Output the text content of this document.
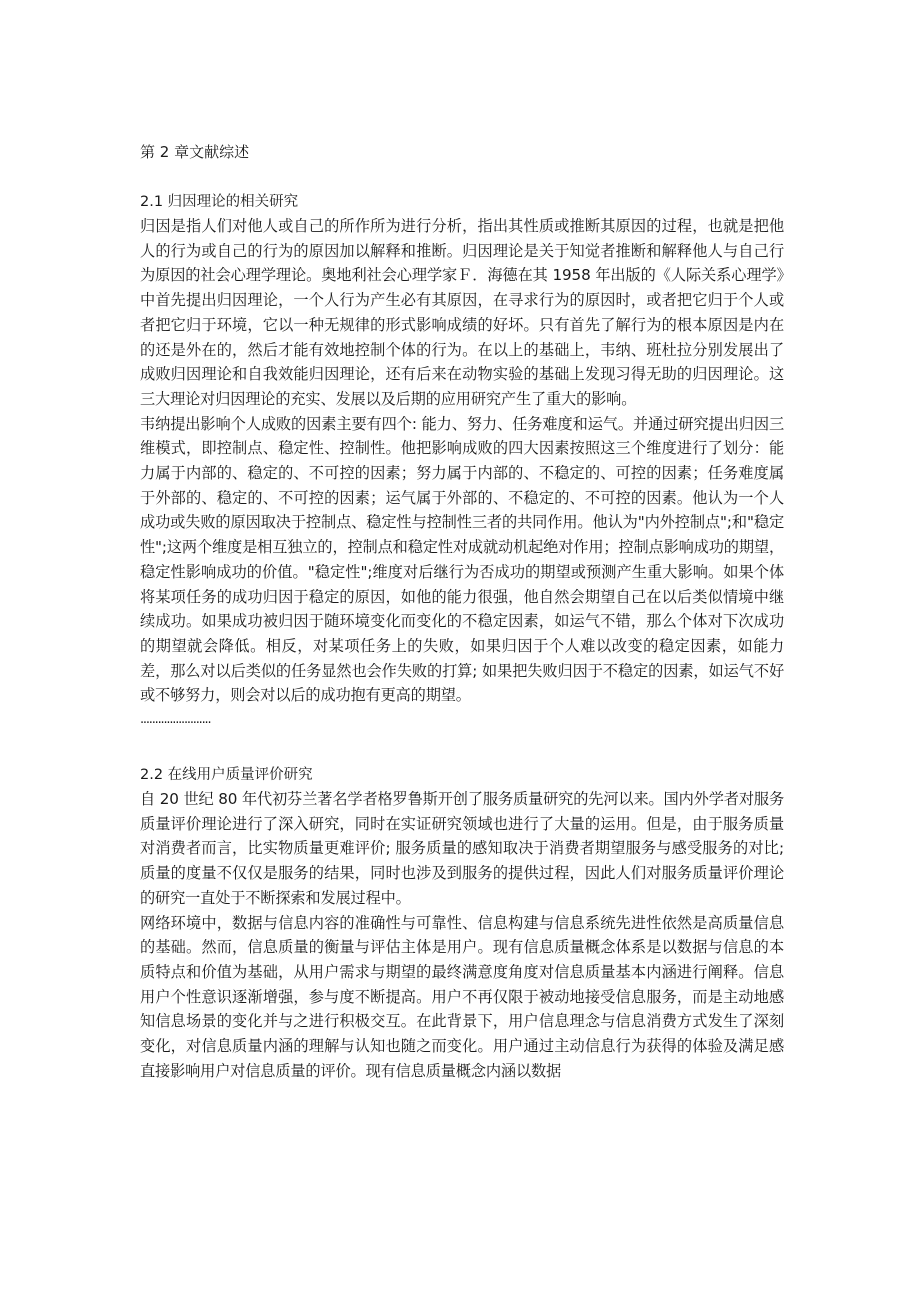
第 2 章文献综述
2.1 归因理论的相关研究

归因是指人们对他人或自己的所作所为进行分析，指出其性质或推断其原因的过程，也就是把他人的行为或自己的行为的原因加以解释和推断。归因理论是关于知觉者推断和解释他人与自己行为原因的社会心理学理论。奥地利社会心理学家Ｆ．海德在其 1958 年出版的《人际关系心理学》中首先提出归因理论，一个人行为产生必有其原因，在寻求行为的原因时，或者把它归于个人或者把它归于环境，它以一种无规律的形式影响成绩的好坏。只有首先了解行为的根本原因是内在的还是外在的，然后才能有效地控制个体的行为。在以上的基础上，韦纳、班杜拉分别发展出了成败归因理论和自我效能归因理论，还有后来在动物实验的基础上发现习得无助的归因理论。这三大理论对归因理论的充实、发展以及后期的应用研究产生了重大的影响。

韦纳提出影响个人成败的因素主要有四个: 能力、努力、任务难度和运气。并通过研究提出归因三维模式，即控制点、稳定性、控制性。他把影响成败的四大因素按照这三个维度进行了划分：能力属于内部的、稳定的、不可控的因素；努力属于内部的、不稳定的、可控的因素；任务难度属于外部的、稳定的、不可控的因素；运气属于外部的、不稳定的、不可控的因素。他认为一个人成功或失败的原因取决于控制点、稳定性与控制性三者的共同作用。他认为"内外控制点";和"稳定性";这两个维度是相互独立的，控制点和稳定性对成就动机起绝对作用；控制点影响成功的期望，稳定性影响成功的价值。"稳定性";维度对后继行为否成功的期望或预测产生重大影响。如果个体将某项任务的成功归因于稳定的原因，如他的能力很强，他自然会期望自己在以后类似情境中继续成功。如果成功被归因于随环境变化而变化的不稳定因素，如运气不错，那么个体对下次成功的期望就会降低。相反，对某项任务上的失败，如果归因于个人难以改变的稳定因素，如能力差，那么对以后类似的任务显然也会作失败的打算; 如果把失败归因于不稳定的因素，如运气不好或不够努力，则会对以后的成功抱有更高的期望。

........................
2.2 在线用户质量评价研究

自 20 世纪 80 年代初芬兰著名学者格罗鲁斯开创了服务质量研究的先河以来。国内外学者对服务质量评价理论进行了深入研究，同时在实证研究领域也进行了大量的运用。但是，由于服务质量对消费者而言，比实物质量更难评价; 服务质量的感知取决于消费者期望服务与感受服务的对比; 质量的度量不仅仅是服务的结果，同时也涉及到服务的提供过程，因此人们对服务质量评价理论的研究一直处于不断探索和发展过程中。

网络环境中，数据与信息内容的准确性与可靠性、信息构建与信息系统先进性依然是高质量信息的基础。然而，信息质量的衡量与评估主体是用户。现有信息质量概念体系是以数据与信息的本质特点和价值为基础，从用户需求与期望的最终满意度角度对信息质量基本内涵进行阐释。信息用户个性意识逐渐增强，参与度不断提高。用户不再仅限于被动地接受信息服务，而是主动地感知信息场景的变化并与之进行积极交互。在此背景下，用户信息理念与信息消费方式发生了深刻变化，对信息质量内涵的理解与认知也随之而变化。用户通过主动信息行为获得的体验及满足感直接影响用户对信息质量的评价。现有信息质量概念内涵以数据
